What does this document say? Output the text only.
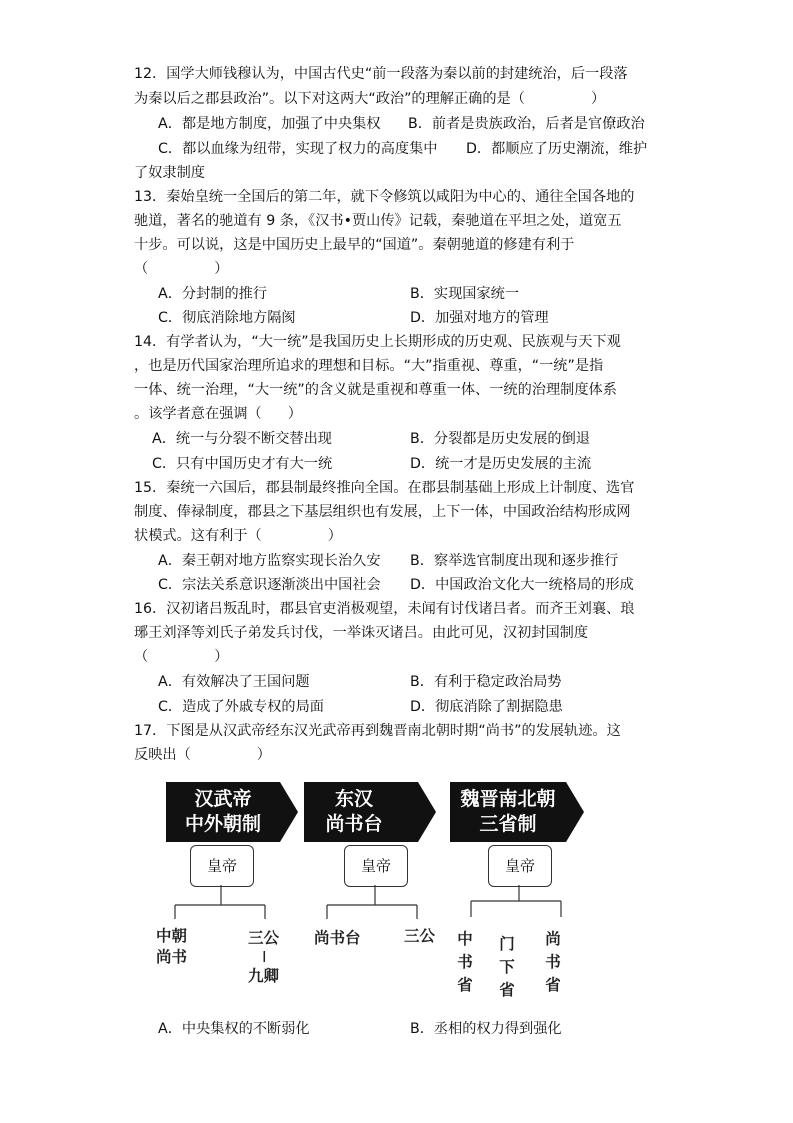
12．国学大师钱穆认为，中国古代史“前一段落为秦以前的封建统治，后一段落
为秦以后之郡县政治”。以下对这两大“政治”的理解正确的是（	）
A．都是地方制度，加强了中央集权 B．前者是贵族政治，后者是官僚政治
C．都以血缘为纽带，实现了权力的高度集中 D．都顺应了历史潮流，维护
了奴隶制度
13．秦始皇统一全国后的第二年，就下令修筑以咸阳为中心的、通往全国各地的
驰道，著名的驰道有 9 条，《汉书•贾山传》记载，秦驰道在平坦之处，道宽五
十步。可以说，这是中国历史上最早的“国道”。秦朝驰道的修建有利于
（	）
A．分封制的推行	B．实现国家统一
C．彻底消除地方隔阂	D．加强对地方的管理
14．有学者认为，“大一统”是我国历史上长期形成的历史观、民族观与天下观
，也是历代国家治理所追求的理想和目标。“大”指重视、尊重，“一统”是指
一体、统一治理，“大一统”的含义就是重视和尊重一体、一统的治理制度体系
。该学者意在强调（ ）
A．统一与分裂不断交替出现	B．分裂都是历史发展的倒退
C．只有中国历史才有大一统	D．统一才是历史发展的主流
15．秦统一六国后，郡县制最终推向全国。在郡县制基础上形成上计制度、选官
制度、俸禄制度，郡县之下基层组织也有发展，上下一体，中国政治结构形成网
状模式。这有利于（	）
A．秦王朝对地方监察实现长治久安 B．察举选官制度出现和逐步推行
C．宗法关系意识逐渐淡出中国社会 D．中国政治文化大一统格局的形成
16．汉初诸吕叛乱时，郡县官吏消极观望，未闻有讨伐诸吕者。而齐王刘襄、琅
琊王刘泽等刘氏子弟发兵讨伐，一举诛灭诸吕。由此可见，汉初封国制度
（	）
A．有效解决了王国问题	B．有利于稳定政治局势
C．造成了外戚专权的局面	D．彻底消除了割据隐患
17．下图是从汉武帝经东汉光武帝再到魏晋南北朝时期“尚书”的发展轨迹。这
反映出（	）
汉武帝
中外朝制
皇帝
中朝
尚书
三公
I
九卿
东汉
尚书台
皇帝
尚书台	三公
魏晋南北朝
三省制
皇帝
中书省
门下省
尚书省
A．中央集权的不断弱化	B．丞相的权力得到强化
